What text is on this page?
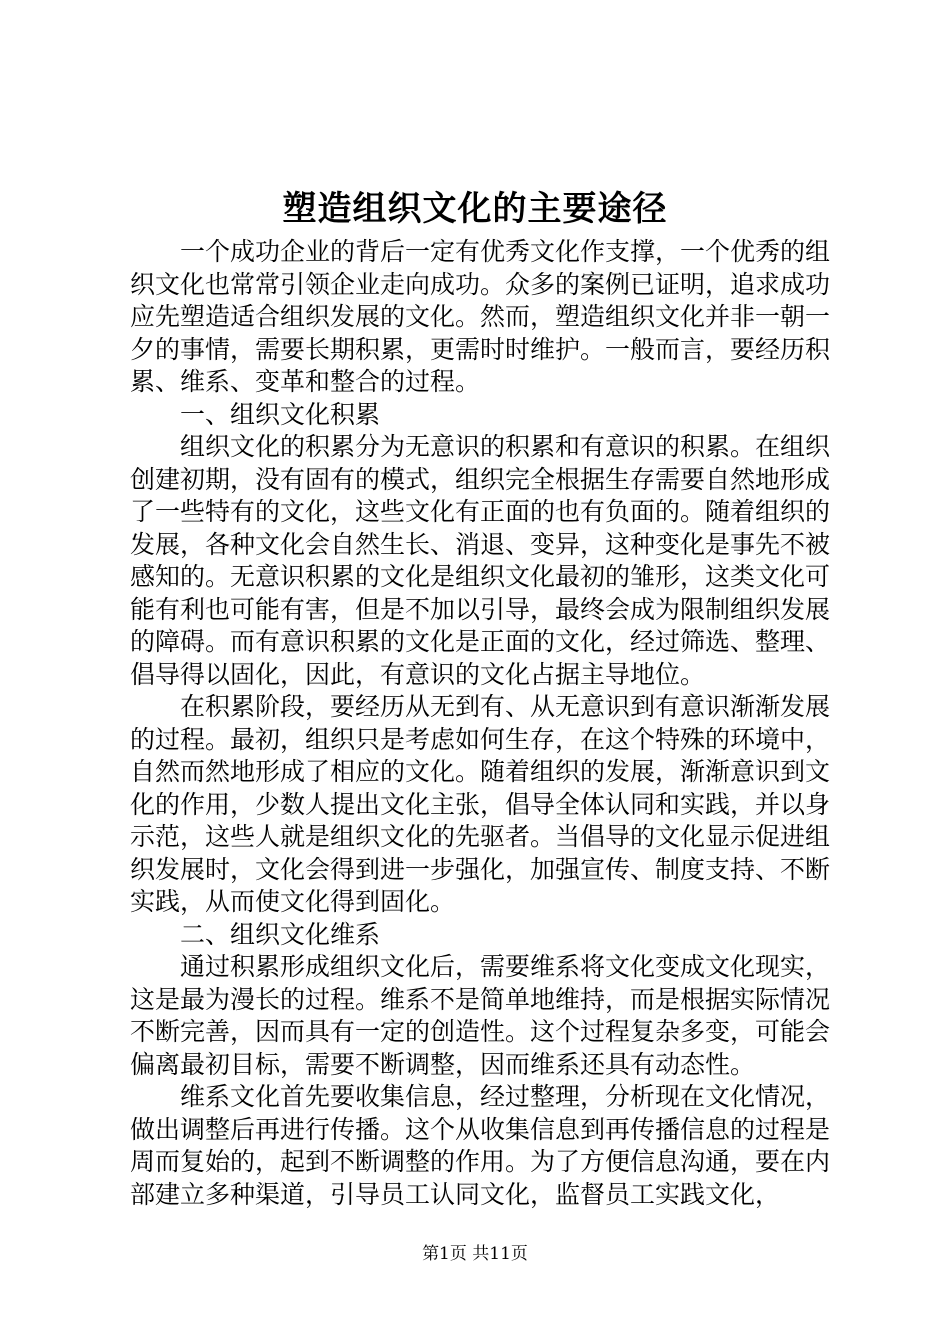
塑造组织文化的主要途径

一个成功企业的背后一定有优秀文化作支撑，一个优秀的组织文化也常常引领企业走向成功。众多的案例已证明，追求成功应先塑造适合组织发展的文化。然而，塑造组织文化并非一朝一夕的事情，需要长期积累，更需时时维护。一般而言，要经历积累、维系、变革和整合的过程。

一、组织文化积累

组织文化的积累分为无意识的积累和有意识的积累。在组织创建初期，没有固有的模式，组织完全根据生存需要自然地形成了一些特有的文化，这些文化有正面的也有负面的。随着组织的发展，各种文化会自然生长、消退、变异，这种变化是事先不被感知的。无意识积累的文化是组织文化最初的雏形，这类文化可能有利也可能有害，但是不加以引导，最终会成为限制组织发展的障碍。而有意识积累的文化是正面的文化，经过筛选、整理、倡导得以固化，因此，有意识的文化占据主导地位。

在积累阶段，要经历从无到有、从无意识到有意识渐渐发展的过程。最初，组织只是考虑如何生存，在这个特殊的环境中，自然而然地形成了相应的文化。随着组织的发展，渐渐意识到文化的作用，少数人提出文化主张，倡导全体认同和实践，并以身示范，这些人就是组织文化的先驱者。当倡导的文化显示促进组织发展时，文化会得到进一步强化，加强宣传、制度支持、不断实践，从而使文化得到固化。

二、组织文化维系

通过积累形成组织文化后，需要维系将文化变成文化现实，这是最为漫长的过程。维系不是简单地维持，而是根据实际情况不断完善，因而具有一定的创造性。这个过程复杂多变，可能会偏离最初目标，需要不断调整，因而维系还具有动态性。

维系文化首先要收集信息，经过整理，分析现在文化情况，做出调整后再进行传播。这个从收集信息到再传播信息的过程是周而复始的，起到不断调整的作用。为了方便信息沟通，要在内部建立多种渠道，引导员工认同文化，监督员工实践文化，

第1页 共11页
